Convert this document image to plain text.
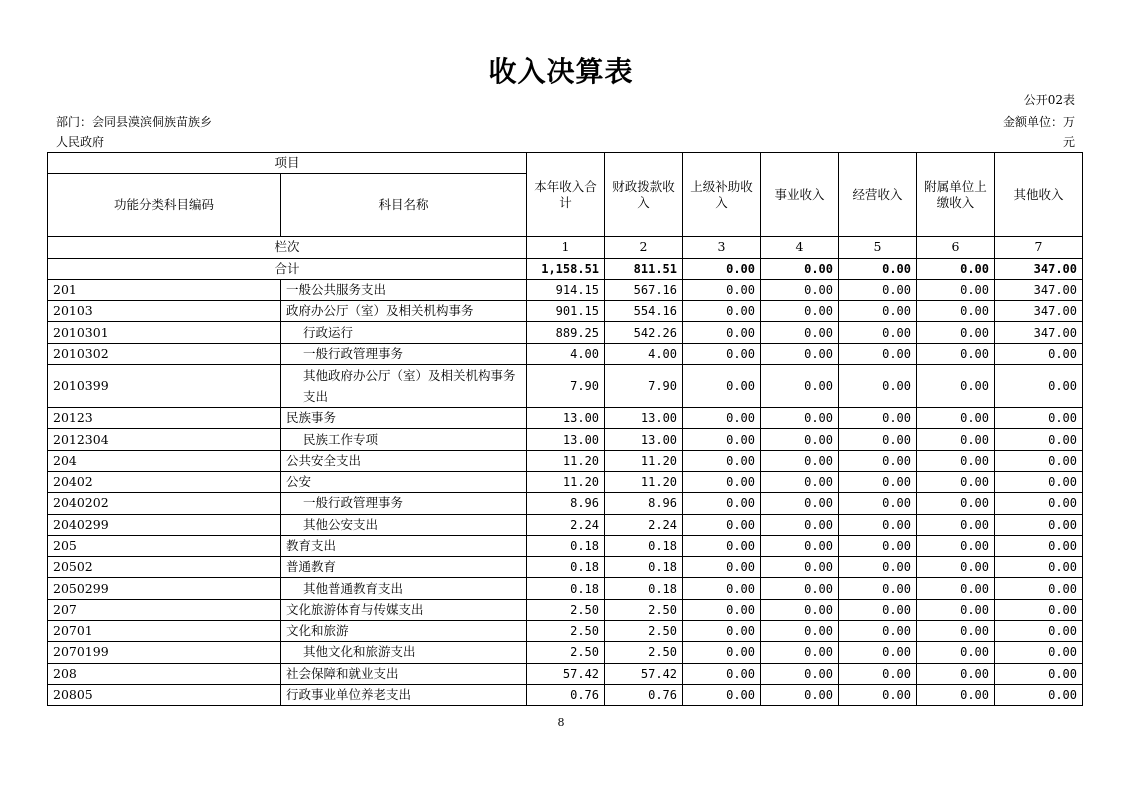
收入决算表
公开02表
部门：会同县漠滨侗族苗族乡
人民政府
金额单位：万
元
项目		本年收入合计	财政拨款收入	上级补助收入	事业收入	经营收入	附属单位上缴收入	其他收入
功能分类科目编码	科目名称							
栏次		1	2	3	4	5	6	7
合计		1,158.51	811.51	0.00	0.00	0.00	0.00	347.00
201	一般公共服务支出	914.15	567.16	0.00	0.00	0.00	0.00	347.00
20103	政府办公厅（室）及相关机构事务	901.15	554.16	0.00	0.00	0.00	0.00	347.00
2010301	行政运行	889.25	542.26	0.00	0.00	0.00	0.00	347.00
2010302	一般行政管理事务	4.00	4.00	0.00	0.00	0.00	0.00	0.00
2010399	其他政府办公厅（室）及相关机构事务支出	7.90	7.90	0.00	0.00	0.00	0.00	0.00
20123	民族事务	13.00	13.00	0.00	0.00	0.00	0.00	0.00
2012304	民族工作专项	13.00	13.00	0.00	0.00	0.00	0.00	0.00
204	公共安全支出	11.20	11.20	0.00	0.00	0.00	0.00	0.00
20402	公安	11.20	11.20	0.00	0.00	0.00	0.00	0.00
2040202	一般行政管理事务	8.96	8.96	0.00	0.00	0.00	0.00	0.00
2040299	其他公安支出	2.24	2.24	0.00	0.00	0.00	0.00	0.00
205	教育支出	0.18	0.18	0.00	0.00	0.00	0.00	0.00
20502	普通教育	0.18	0.18	0.00	0.00	0.00	0.00	0.00
2050299	其他普通教育支出	0.18	0.18	0.00	0.00	0.00	0.00	0.00
207	文化旅游体育与传媒支出	2.50	2.50	0.00	0.00	0.00	0.00	0.00
20701	文化和旅游	2.50	2.50	0.00	0.00	0.00	0.00	0.00
2070199	其他文化和旅游支出	2.50	2.50	0.00	0.00	0.00	0.00	0.00
208	社会保障和就业支出	57.42	57.42	0.00	0.00	0.00	0.00	0.00
20805	行政事业单位养老支出	0.76	0.76	0.00	0.00	0.00	0.00	0.00
8
